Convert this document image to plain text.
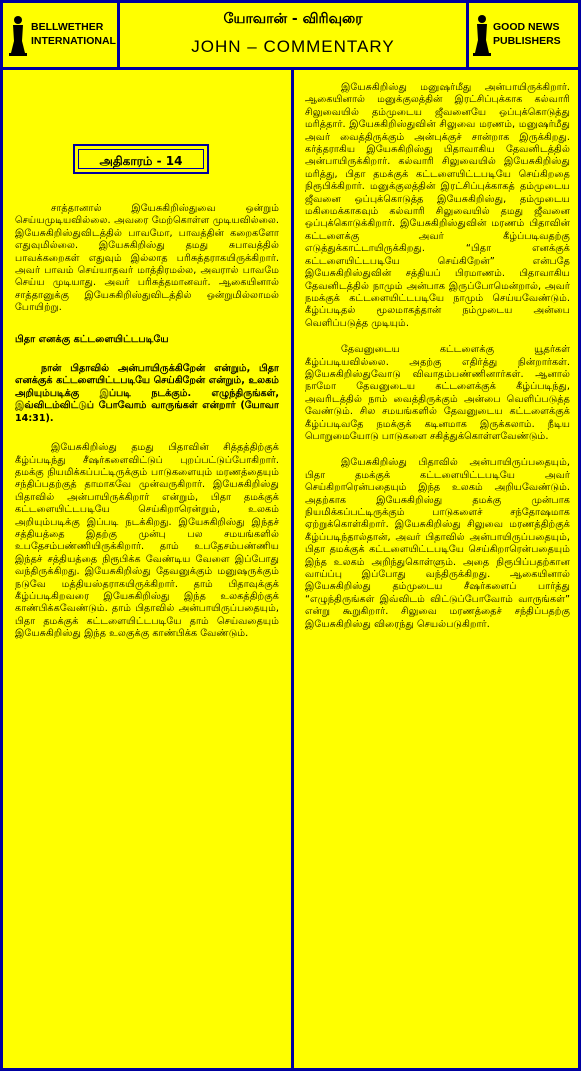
BELLWETHER
INTERNATIONAL
யோவான் - விரிவுரை
JOHN – COMMENTARY
GOOD NEWS
PUBLISHERS
அதிகாரம் - 14

சாத்தானால் இயேசுகிறிஸ்துவை ஒன்றும் செய்யமுடியவில்லை. அவரை மேற்கொள்ள முடியவில்லை. இயேசுகிறிஸ்துவிடத்தில் பாவமோ, பாவத்தின் கறைகளோ எதுவுமில்லை. இயேசுகிறிஸ்து தமது சுபாவத்தில் பாவக்கறைகள் எதுவும் இல்லாத பரிசுத்தராகயிருக்கிறார். அவர் பாவம் செய்யாதவர் மாத்திரமல்ல, அவரால் பாவமே செய்ய முடியாது. அவர் பரிசுத்தமானவர். ஆகையினால் சாத்தானுக்கு இயேசுகிறிஸ்துவிடத்தில் ஒன்றுமில்லாமல் போயிற்று.

பிதா எனக்கு கட்டளையிட்டபடியே

நான் பிதாவில் அன்பாயிருக்கிறேன் என்றும், பிதா எனக்குக் கட்டளையிட்டபடியே செய்கிறேன் என்றும், உலகம் அறியும்படிக்கு இப்படி நடக்கும். எழுந்திருங்கள், இவ்விடம்விட்டுப் போவோம் வாருங்கள் என்றார் (யோவா 14:31).

இயேசுகிறிஸ்து தமது பிதாவின் சித்தத்திற்குக் கீழ்ப்படிந்து சீஷர்களைவிட்டுப் புறப்பட்டுப்போகிறார். தமக்கு நியமிக்கப்பட்டிருக்கும் பாடுகளையும் மரணத்தையும் சந்திப்பதற்குத் தாமாகவே முன்வருகிறார். இயேசுகிறிஸ்து பிதாவில் அன்பாயிருக்கிறார் என்றும், பிதா தமக்குக் கட்டளையிட்டபடியே செய்கிறாரென்றும், உலகம் அறியும்படிக்கு இப்படி நடக்கிறது. இயேசுகிறிஸ்து இந்தச் சத்தியத்தை இதற்கு முன்பு பல சமயங்களில் உபதேசம்பண்ணியிருக்கிறார். தாம் உபதேசம்பண்ணிய இந்தச் சத்தியத்தை நிரூபிக்க வேண்டிய வேளை இப்போது வந்திருக்கிறது. இயேசுகிறிஸ்து தேவனுக்கும் மனுஷருக்கும் நடுவே மத்தியஸ்தராகயிருக்கிறார். தாம் பிதாவுக்குக் கீழ்ப்படிகிறவரை இயேசுகிறிஸ்து இந்த உலகத்திற்குக் காண்பிக்கவேண்டும். தாம் பிதாவில் அன்பாயிருப்பதையும், பிதா தமக்குக் கட்டளையிட்டபடியே தாம் செய்வதையும் இயேசுகிறிஸ்து இந்த உலகுக்கு காண்பிக்க வேண்டும்.

இயேசுகிறிஸ்து மனுஷர்மீது அன்பாயிருக்கிறார். ஆகையினால் மனுக்குலத்தின் இரட்சிப்புக்காக கல்வாரி சிலுவையில் தம்முடைய ஜீவனையே ஒப்புக்கொடுத்து மரித்தார். இயேசுகிறிஸ்துவின் சிலுவை மரணம், மனுஷர்மீது அவர் வைத்திருக்கும் அன்புக்குச் சான்றாக இருக்கிறது. கர்த்தராகிய இயேசுகிறிஸ்து பிதாவாகிய தேவனிடத்தில் அன்பாயிருக்கிறார். கல்வாரி சிலுவையில் இயேசுகிறிஸ்து மரித்து, பிதா தமக்குக் கட்டளையிட்டபடியே செய்கிறதை நிரூபிக்கிறார். மனுக்குலத்தின் இரட்சிப்புக்காகத் தம்முடைய ஜீவனை ஒப்புக்கொடுத்த இயேசுகிறிஸ்து, தம்முடைய மகிமைக்காகவும் கல்வாரி சிலுவையில் தமது ஜீவனை ஒப்புக்கொடுக்கிறார். இயேசுகிறிஸ்துவின் மரணம் பிதாவின் கட்டளைக்கு அவர் கீழ்ப்படிவதற்கு எடுத்துக்காட்டாயிருக்கிறது. “பிதா எனக்குக் கட்டளையிட்டபடியே செய்கிறேன்” என்பதே இயேசுகிறிஸ்துவின் சத்தியப் பிரமாணம். பிதாவாகிய தேவனிடத்தில் நாமும் அன்பாக இருப்போமென்றால், அவர் நமக்குக் கட்டளையிட்டபடியே நாமும் செய்யவேண்டும். கீழ்ப்படிதல் மூலமாகத்தான் நம்முடைய அன்பை வெளிப்படுத்த முடியும்.

தேவனுடைய கட்டளைக்கு யூதர்கள் கீழ்ப்படியவில்லை. அதற்கு எதிர்த்து நின்றார்கள். இயேசுகிறிஸ்துவோடு விவாதம்பண்ணினார்கள். ஆனால் நாமோ தேவனுடைய கட்டளைக்குக் கீழ்ப்படிந்து, அவரிடத்தில் நாம் வைத்திருக்கும் அன்பை வெளிப்படுத்த வேண்டும். சில சமயங்களில் தேவனுடைய கட்டளைக்குக் கீழ்ப்படிவதே நமக்குக் கடினமாக இருக்கலாம். நீடிய பொறுமையோடு பாடுகளை சகித்துக்கொள்ளவேண்டும்.

இயேசுகிறிஸ்து பிதாவில் அன்பாயிருப்பதையும், பிதா தமக்குக் கட்டளையிட்டபடியே அவர் செய்கிறாரென்பதையும் இந்த உலகம் அறியவேண்டும். அதற்காக இயேசுகிறிஸ்து தமக்கு முன்பாக நியமிக்கப்பட்டிருக்கும் பாடுகளைச் சந்தோஷமாக ஏற்றுக்கொள்கிறார். இயேசுகிறிஸ்து சிலுவை மரணத்திற்குக் கீழ்ப்படிந்தால்தான், அவர் பிதாவில் அன்பாயிருப்பதையும், பிதா தமக்குக் கட்டளையிட்டபடியே செய்கிறாரென்பதையும் இந்த உலகம் அறிந்துகொள்ளும். அதை நிரூபிப்பதற்கான வாய்ப்பு இப்போது வந்திருக்கிறது. ஆகையினால் இயேசுகிறிஸ்து தம்முடைய சீஷர்களைப் பார்த்து “எழுந்திருங்கள் இவ்விடம் விட்டுப்போவோம் வாருங்கள்” என்று கூறுகிறார். சிலுவை மரணத்தைச் சந்திப்பதற்கு இயேசுகிறிஸ்து விரைந்து செயல்படுகிறார்.
